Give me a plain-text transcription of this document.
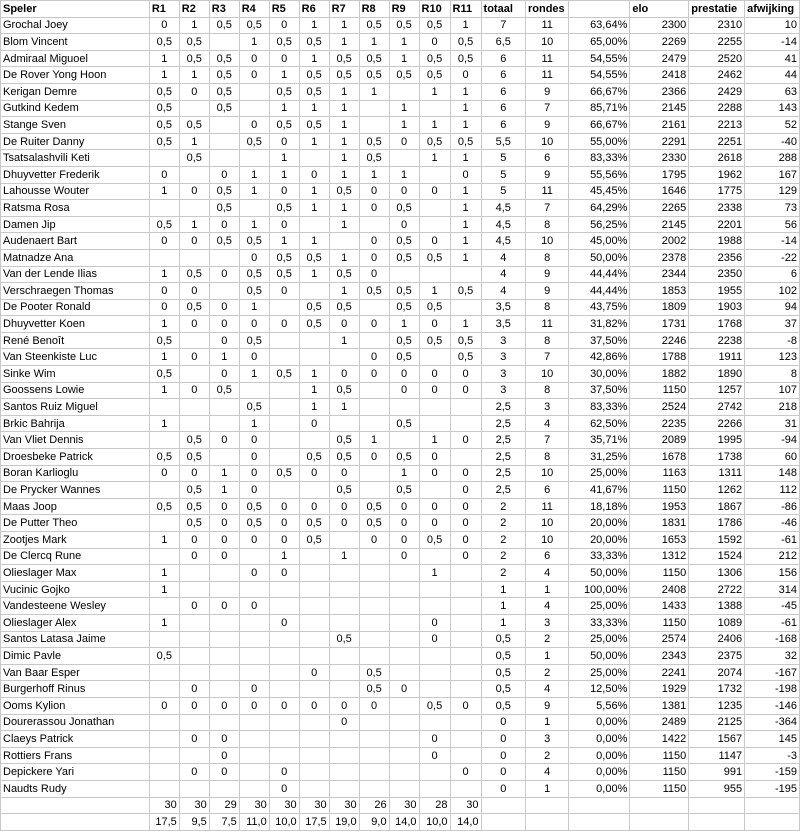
Speler	R1	R2	R3	R4	R5	R6	R7	R8	R9	R10	R11	totaal	rondes		elo	prestatie	afwijking
Grochal Joey	0	1	0,5	0,5	0	1	1	0,5	0,5	0,5	1	7	11	63,64%	2300	2310	10
Blom Vincent	0,5	0,5		1	0,5	0,5	1	1	1	0	0,5	6,5	10	65,00%	2269	2255	-14
Admiraal Miguoel	1	0,5	0,5	0	0	1	0,5	0,5	1	0,5	0,5	6	11	54,55%	2479	2520	41
De Rover Yong Hoon	1	1	0,5	0	1	0,5	0,5	0,5	0,5	0,5	0	6	11	54,55%	2418	2462	44
Kerigan Demre	0,5	0	0,5		0,5	0,5	1	1		1	1	6	9	66,67%	2366	2429	63
Gutkind Kedem	0,5		0,5		1	1	1		1		1	6	7	85,71%	2145	2288	143
Stange Sven	0,5	0,5		0	0,5	0,5	1		1	1	1	6	9	66,67%	2161	2213	52
De Ruiter Danny	0,5	1		0,5	0	1	1	0,5	0	0,5	0,5	5,5	10	55,00%	2291	2251	-40
Tsatsalashvili Keti		0,5			1		1	0,5		1	1	5	6	83,33%	2330	2618	288
Dhuyvetter Frederik	0		0	1	1	0	1	1	1		0	5	9	55,56%	1795	1962	167
Lahousse Wouter	1	0	0,5	1	0	1	0,5	0	0	0	1	5	11	45,45%	1646	1775	129
Ratsma Rosa			0,5		0,5	1	1	0	0,5		1	4,5	7	64,29%	2265	2338	73
Damen Jip	0,5	1	0	1	0		1		0		1	4,5	8	56,25%	2145	2201	56
Audenaert Bart	0	0	0,5	0,5	1	1		0	0,5	0	1	4,5	10	45,00%	2002	1988	-14
Matnadze Ana				0	0,5	0,5	1	0	0,5	0,5	1	4	8	50,00%	2378	2356	-22
Van der Lende Ilias	1	0,5	0	0,5	0,5	1	0,5	0				4	9	44,44%	2344	2350	6
Verschraegen Thomas	0	0		0,5	0		1	0,5	0,5	1	0,5	4	9	44,44%	1853	1955	102
De Pooter Ronald	0	0,5	0	1		0,5	0,5		0,5	0,5		3,5	8	43,75%	1809	1903	94
Dhuyvetter Koen	1	0	0	0	0	0,5	0	0	1	0	1	3,5	11	31,82%	1731	1768	37
René Benoît	0,5		0	0,5			1		0,5	0,5	0,5	3	8	37,50%	2246	2238	-8
Van Steenkiste Luc	1	0	1	0				0	0,5		0,5	3	7	42,86%	1788	1911	123
Sinke Wim	0,5		0	1	0,5	1	0	0	0	0	0	3	10	30,00%	1882	1890	8
Goossens Lowie	1	0	0,5			1	0,5		0	0	0	3	8	37,50%	1150	1257	107
Santos Ruiz Miguel				0,5		1	1					2,5	3	83,33%	2524	2742	218
Brkic Bahrija	1			1		0			0,5			2,5	4	62,50%	2235	2266	31
Van Vliet Dennis		0,5	0	0			0,5	1		1	0	2,5	7	35,71%	2089	1995	-94
Droesbeke Patrick	0,5	0,5		0		0,5	0,5	0	0,5	0		2,5	8	31,25%	1678	1738	60
Boran Karlioglu	0	0	1	0	0,5	0	0		1	0	0	2,5	10	25,00%	1163	1311	148
De Prycker Wannes		0,5	1	0			0,5		0,5		0	2,5	6	41,67%	1150	1262	112
Maas Joop	0,5	0,5	0	0,5	0	0	0	0,5	0	0	0	2	11	18,18%	1953	1867	-86
De Putter Theo		0,5	0	0,5	0	0,5	0	0,5	0	0	0	2	10	20,00%	1831	1786	-46
Zootjes Mark	1	0	0	0	0	0,5		0	0	0,5	0	2	10	20,00%	1653	1592	-61
De Clercq Rune		0	0		1		1		0		0	2	6	33,33%	1312	1524	212
Olieslager Max	1			0	0					1		2	4	50,00%	1150	1306	156
Vucinic Gojko	1											1	1	100,00%	2408	2722	314
Vandesteene Wesley		0	0	0								1	4	25,00%	1433	1388	-45
Olieslager Alex	1				0					0		1	3	33,33%	1150	1089	-61
Santos Latasa Jaime							0,5			0		0,5	2	25,00%	2574	2406	-168
Dimic Pavle	0,5											0,5	1	50,00%	2343	2375	32
Van Baar Esper						0		0,5				0,5	2	25,00%	2241	2074	-167
Burgerhoff Rinus		0		0				0,5	0			0,5	4	12,50%	1929	1732	-198
Ooms Kylion	0	0	0	0	0	0	0	0		0,5	0	0,5	9	5,56%	1381	1235	-146
Dourerassou Jonathan							0					0	1	0,00%	2489	2125	-364
Claeys Patrick		0	0							0		0	3	0,00%	1422	1567	145
Rottiers Frans			0							0		0	2	0,00%	1150	1147	-3
Depickere Yari		0	0		0						0	0	4	0,00%	1150	991	-159
Naudts Rudy					0							0	1	0,00%	1150	955	-195
	30	30	29	30	30	30	30	26	30	28	30						
	17,5	9,5	7,5	11,0	10,0	17,5	19,0	9,0	14,0	10,0	14,0						
